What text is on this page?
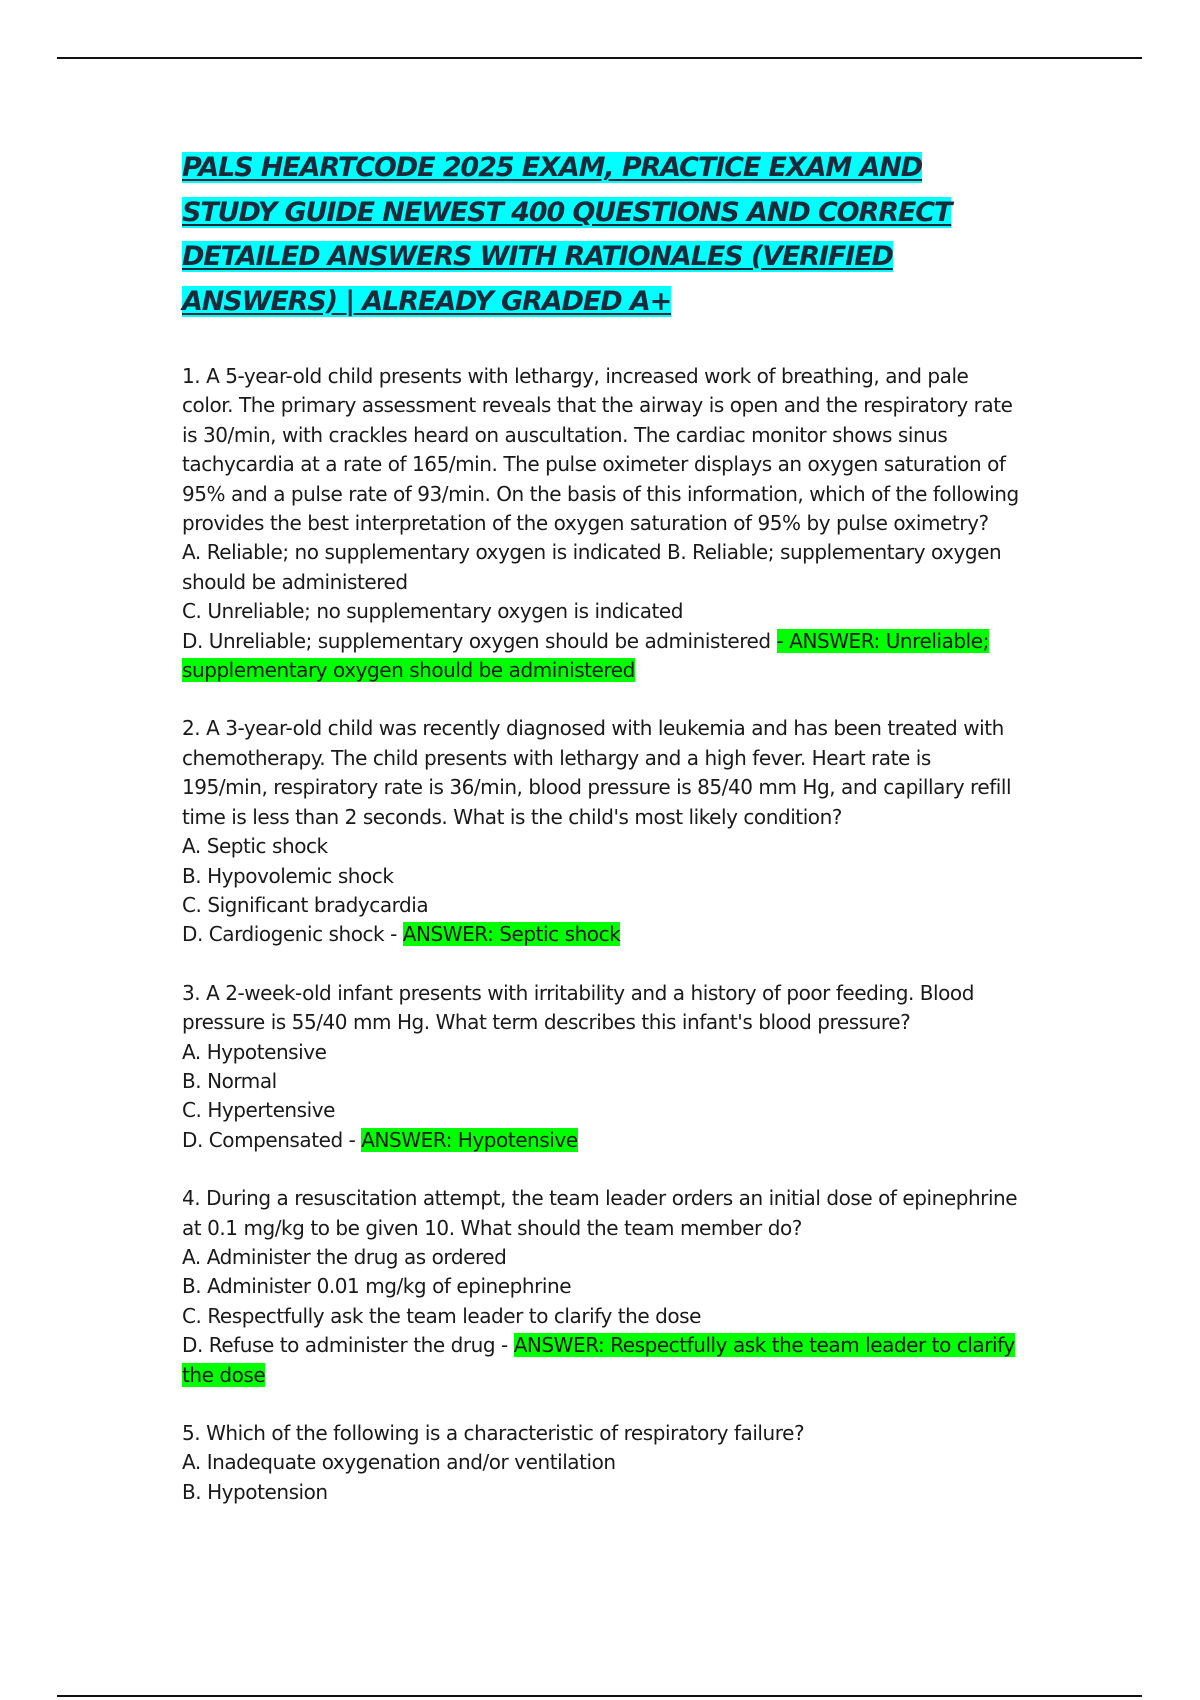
PALS HEARTCODE 2025 EXAM, PRACTICE EXAM AND STUDY GUIDE NEWEST 400 QUESTIONS AND CORRECT DETAILED ANSWERS WITH RATIONALES (VERIFIED ANSWERS) | ALREADY GRADED A+

1. A 5-year-old child presents with lethargy, increased work of breathing, and pale color. The primary assessment reveals that the airway is open and the respiratory rate is 30/min, with crackles heard on auscultation. The cardiac monitor shows sinus tachycardia at a rate of 165/min. The pulse oximeter displays an oxygen saturation of 95% and a pulse rate of 93/min. On the basis of this information, which of the following provides the best interpretation of the oxygen saturation of 95% by pulse oximetry?

A. Reliable; no supplementary oxygen is indicated B. Reliable; supplementary oxygen should be administered

C. Unreliable; no supplementary oxygen is indicated

D. Unreliable; supplementary oxygen should be administered - ANSWER: Unreliable; supplementary oxygen should be administered

2. A 3-year-old child was recently diagnosed with leukemia and has been treated with chemotherapy. The child presents with lethargy and a high fever. Heart rate is 195/min, respiratory rate is 36/min, blood pressure is 85/40 mm Hg, and capillary refill time is less than 2 seconds. What is the child's most likely condition?

A. Septic shock

B. Hypovolemic shock

C. Significant bradycardia

D. Cardiogenic shock - ANSWER: Septic shock

3. A 2-week-old infant presents with irritability and a history of poor feeding. Blood pressure is 55/40 mm Hg. What term describes this infant's blood pressure?

A. Hypotensive

B. Normal

C. Hypertensive

D. Compensated - ANSWER: Hypotensive

4. During a resuscitation attempt, the team leader orders an initial dose of epinephrine at 0.1 mg/kg to be given 10. What should the team member do?

A. Administer the drug as ordered

B. Administer 0.01 mg/kg of epinephrine

C. Respectfully ask the team leader to clarify the dose

D. Refuse to administer the drug - ANSWER: Respectfully ask the team leader to clarify the dose

5. Which of the following is a characteristic of respiratory failure?

A. Inadequate oxygenation and/or ventilation

B. Hypotension
